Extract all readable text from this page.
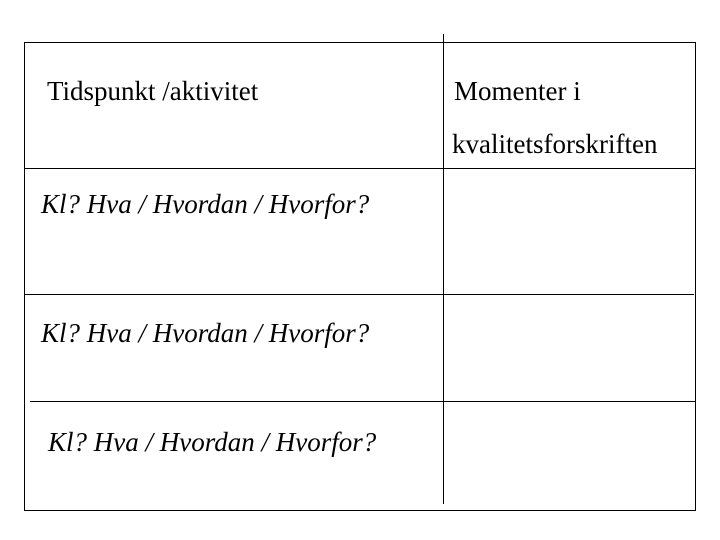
Tidspunkt /aktivitet	Momenter i
kvalitetsforskriften
Kl? Hva / Hvordan / Hvorfor?
Kl? Hva / Hvordan / Hvorfor?
Kl? Hva / Hvordan / Hvorfor?
